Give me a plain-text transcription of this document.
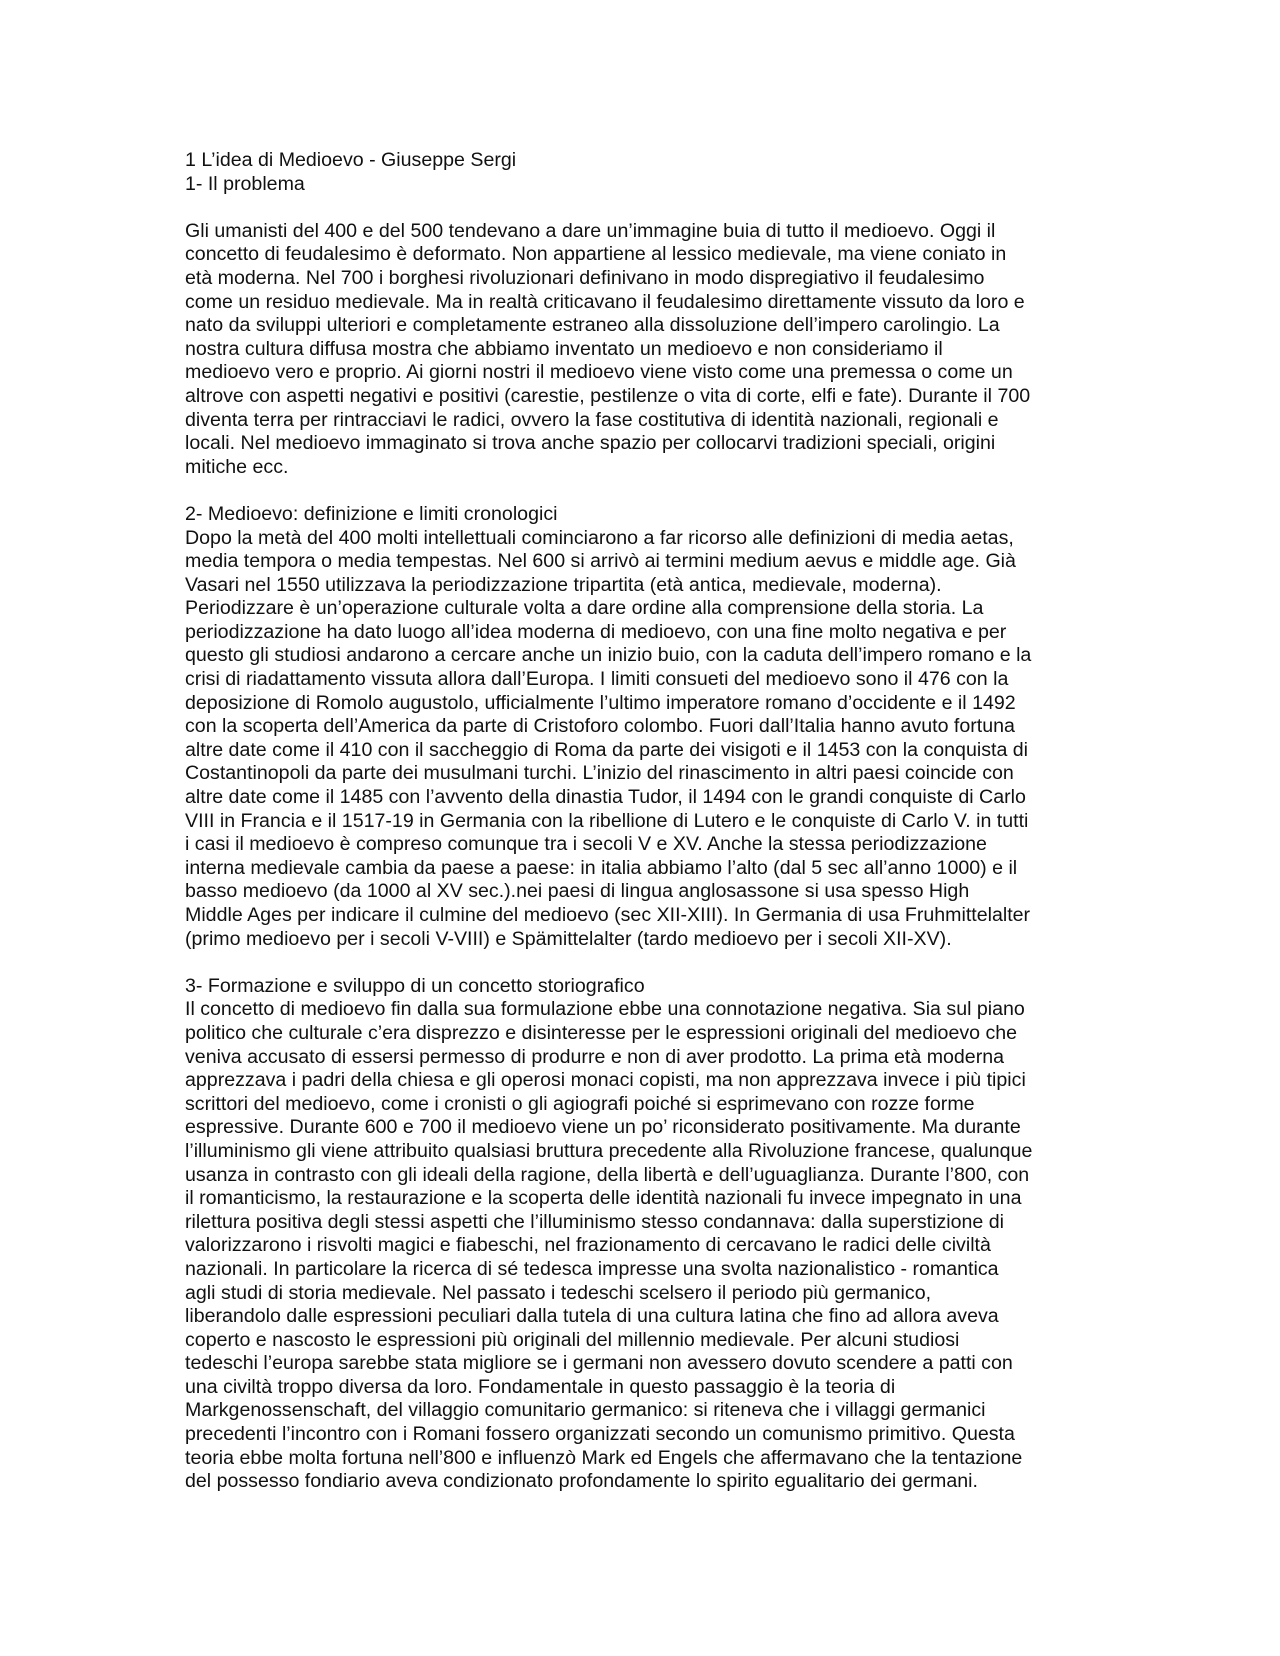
1 L’idea di Medioevo - Giuseppe Sergi
1- Il problema
Gli umanisti del 400 e del 500 tendevano a dare un’immagine buia di tutto il medioevo. Oggi il
concetto di feudalesimo è deformato. Non appartiene al lessico medievale, ma viene coniato in
età moderna. Nel 700 i borghesi rivoluzionari definivano in modo dispregiativo il feudalesimo
come un residuo medievale. Ma in realtà criticavano il feudalesimo direttamente vissuto da loro e
nato da sviluppi ulteriori e completamente estraneo alla dissoluzione dell’impero carolingio. La
nostra cultura diffusa mostra che abbiamo inventato un medioevo e non consideriamo il
medioevo vero e proprio. Ai giorni nostri il medioevo viene visto come una premessa o come un
altrove con aspetti negativi e positivi (carestie, pestilenze o vita di corte, elfi e fate). Durante il 700
diventa terra per rintracciavi le radici, ovvero la fase costitutiva di identità nazionali, regionali e
locali. Nel medioevo immaginato si trova anche spazio per collocarvi tradizioni speciali, origini
mitiche ecc.
2- Medioevo: definizione e limiti cronologici
Dopo la metà del 400 molti intellettuali cominciarono a far ricorso alle definizioni di media aetas,
media tempora o media tempestas. Nel 600 si arrivò ai termini medium aevus e middle age. Già
Vasari nel 1550 utilizzava la periodizzazione tripartita (età antica, medievale, moderna).
Periodizzare è un’operazione culturale volta a dare ordine alla comprensione della storia. La
periodizzazione ha dato luogo all’idea moderna di medioevo, con una fine molto negativa e per
questo gli studiosi andarono a cercare anche un inizio buio, con la caduta dell’impero romano e la
crisi di riadattamento vissuta allora dall’Europa. I limiti consueti del medioevo sono il 476 con la
deposizione di Romolo augustolo, ufficialmente l’ultimo imperatore romano d’occidente e il 1492
con la scoperta dell’America da parte di Cristoforo colombo. Fuori dall’Italia hanno avuto fortuna
altre date come il 410 con il saccheggio di Roma da parte dei visigoti e il 1453 con la conquista di
Costantinopoli da parte dei musulmani turchi. L’inizio del rinascimento in altri paesi coincide con
altre date come il 1485 con l’avvento della dinastia Tudor, il 1494 con le grandi conquiste di Carlo
VIII in Francia e il 1517-19 in Germania con la ribellione di Lutero e le conquiste di Carlo V. in tutti
i casi il medioevo è compreso comunque tra i secoli V e XV. Anche la stessa periodizzazione
interna medievale cambia da paese a paese: in italia abbiamo l’alto (dal 5 sec all’anno 1000) e il
basso medioevo (da 1000 al XV sec.).nei paesi di lingua anglosassone si usa spesso High
Middle Ages per indicare il culmine del medioevo (sec XII-XIII). In Germania di usa Fruhmittelalter
(primo medioevo per i secoli V-VIII) e Spämittelalter (tardo medioevo per i secoli XII-XV).
3- Formazione e sviluppo di un concetto storiografico
Il concetto di medioevo fin dalla sua formulazione ebbe una connotazione negativa. Sia sul piano
politico che culturale c’era disprezzo e disinteresse per le espressioni originali del medioevo che
veniva accusato di essersi permesso di produrre e non di aver prodotto. La prima età moderna
apprezzava i padri della chiesa e gli operosi monaci copisti, ma non apprezzava invece i più tipici
scrittori del medioevo, come i cronisti o gli agiografi poiché si esprimevano con rozze forme
espressive. Durante 600 e 700 il medioevo viene un po’ riconsiderato positivamente. Ma durante
l’illuminismo gli viene attribuito qualsiasi bruttura precedente alla Rivoluzione francese, qualunque
usanza in contrasto con gli ideali della ragione, della libertà e dell’uguaglianza. Durante l’800, con
il romanticismo, la restaurazione e la scoperta delle identità nazionali fu invece impegnato in una
rilettura positiva degli stessi aspetti che l’illuminismo stesso condannava: dalla superstizione di
valorizzarono i risvolti magici e fiabeschi, nel frazionamento di cercavano le radici delle civiltà
nazionali. In particolare la ricerca di sé tedesca impresse una svolta nazionalistico - romantica
agli studi di storia medievale. Nel passato i tedeschi scelsero il periodo più germanico,
liberandolo dalle espressioni peculiari dalla tutela di una cultura latina che fino ad allora aveva
coperto e nascosto le espressioni più originali del millennio medievale. Per alcuni studiosi
tedeschi l’europa sarebbe stata migliore se i germani non avessero dovuto scendere a patti con
una civiltà troppo diversa da loro. Fondamentale in questo passaggio è la teoria di
Markgenossenschaft, del villaggio comunitario germanico: si riteneva che i villaggi germanici
precedenti l’incontro con i Romani fossero organizzati secondo un comunismo primitivo. Questa
teoria ebbe molta fortuna nell’800 e influenzò Mark ed Engels che affermavano che la tentazione
del possesso fondiario aveva condizionato profondamente lo spirito egualitario dei germani.
